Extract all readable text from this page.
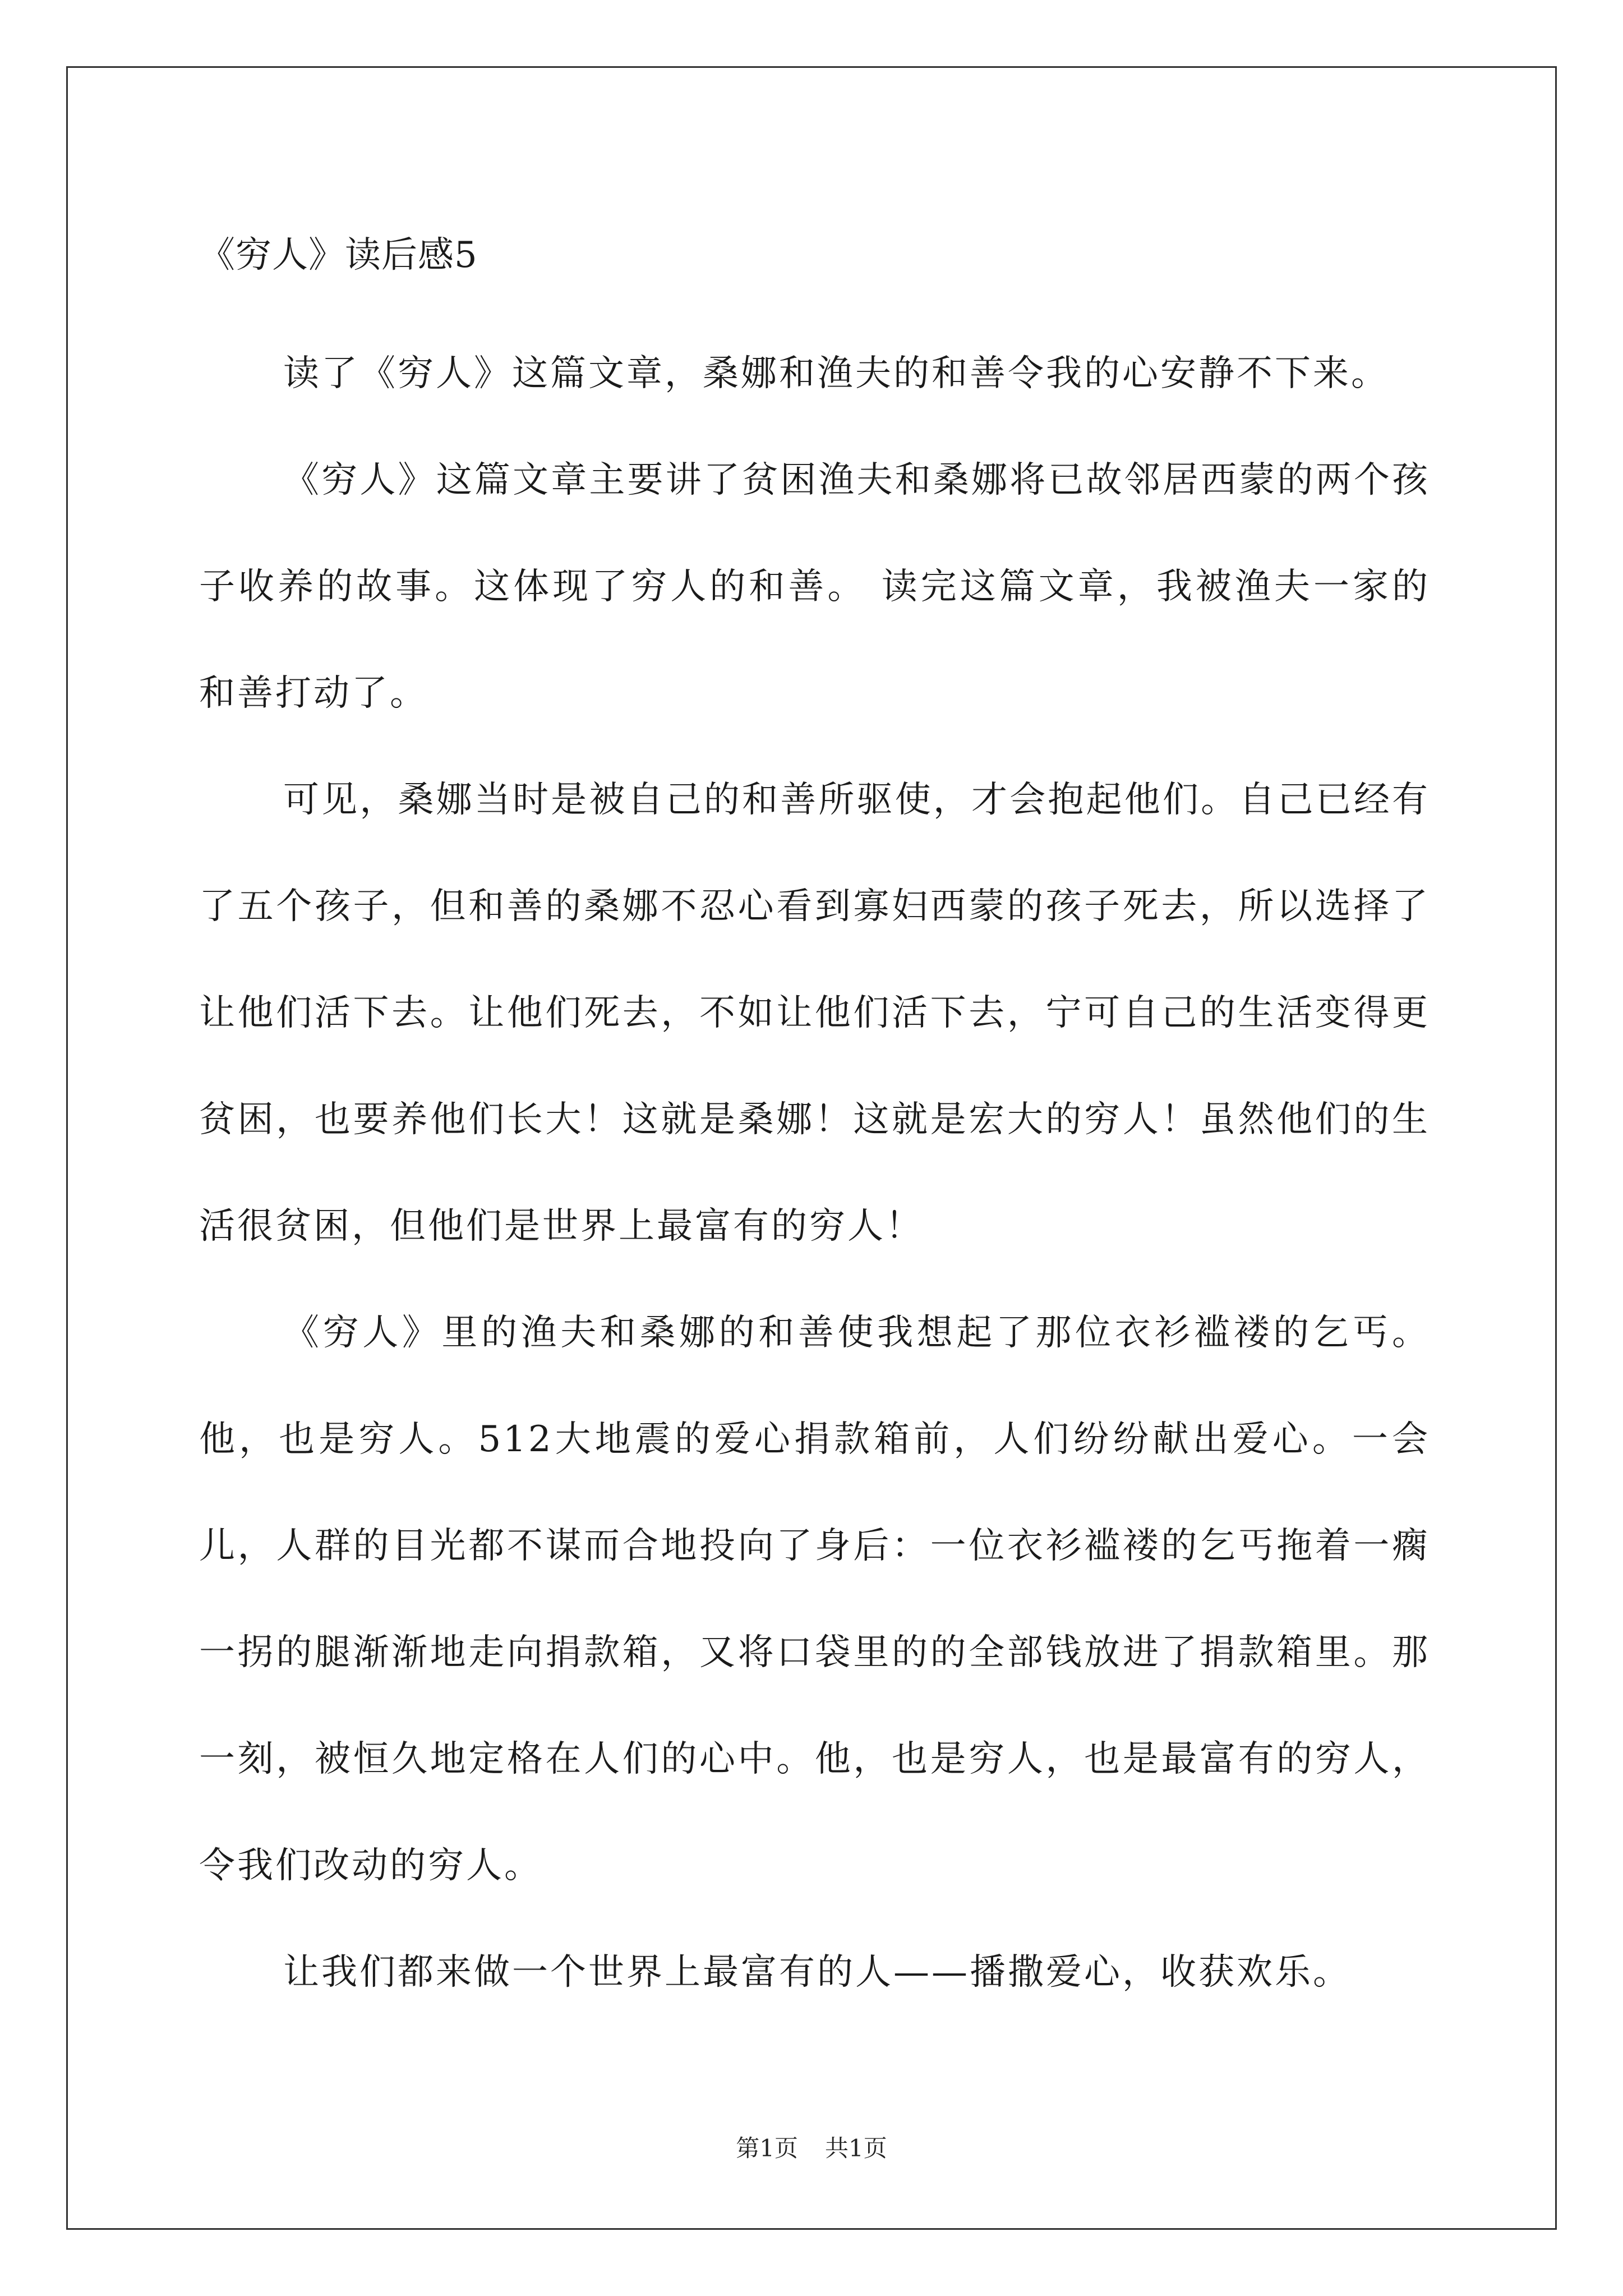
《穷人》读后感5

读了《穷人》这篇文章，桑娜和渔夫的和善令我的心安静不下来。

《穷人》这篇文章主要讲了贫困渔夫和桑娜将已故邻居西蒙的两个孩子收养的故事。这体现了穷人的和善。 读完这篇文章，我被渔夫一家的和善打动了。

可见，桑娜当时是被自己的和善所驱使，才会抱起他们。自己已经有了五个孩子，但和善的桑娜不忍心看到寡妇西蒙的孩子死去，所以选择了让他们活下去。让他们死去，不如让他们活下去，宁可自己的生活变得更贫困，也要养他们长大！这就是桑娜！这就是宏大的穷人！虽然他们的生活很贫困，但他们是世界上最富有的穷人！

《穷人》里的渔夫和桑娜的和善使我想起了那位衣衫褴褛的乞丐。他，也是穷人。512大地震的爱心捐款箱前，人们纷纷献出爱心。一会儿，人群的目光都不谋而合地投向了身后：一位衣衫褴褛的乞丐拖着一瘸一拐的腿渐渐地走向捐款箱，又将口袋里的的全部钱放进了捐款箱里。那一刻，被恒久地定格在人们的心中。他，也是穷人，也是最富有的穷人，令我们改动的穷人。

让我们都来做一个世界上最富有的人——播撒爱心，收获欢乐。

第1页 共1页
